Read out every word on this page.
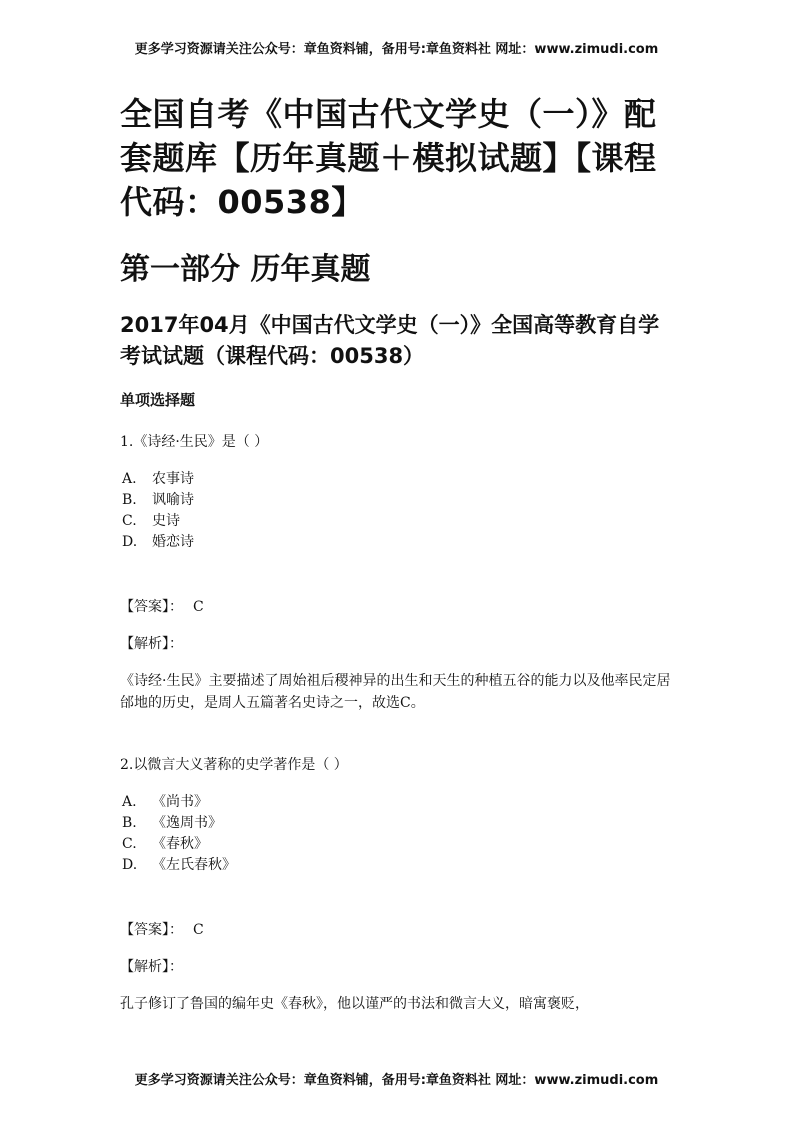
更多学习资源请关注公众号：章鱼资料铺，备用号:章鱼资料社 网址：www.zimudi.com
全国自考《中国古代文学史（一）》配套题库【历年真题＋模拟试题】【课程代码：00538】
第一部分 历年真题
2017年04月《中国古代文学史（一）》全国高等教育自学考试试题（课程代码：00538）
单项选择题
1.《诗经·生民》是（ ）
A. 农事诗
B. 讽喻诗
C. 史诗
D. 婚恋诗
【答案】： C
【解析】：
《诗经·生民》主要描述了周始祖后稷神异的出生和天生的种植五谷的能力以及他率民定居邰地的历史，是周人五篇著名史诗之一，故选C。
2.以微言大义著称的史学著作是（ ）
A. 《尚书》
B. 《逸周书》
C. 《春秋》
D. 《左氏春秋》
【答案】： C
【解析】：
孔子修订了鲁国的编年史《春秋》，他以谨严的书法和微言大义，暗寓褒贬，
更多学习资源请关注公众号：章鱼资料铺，备用号:章鱼资料社 网址：www.zimudi.com
